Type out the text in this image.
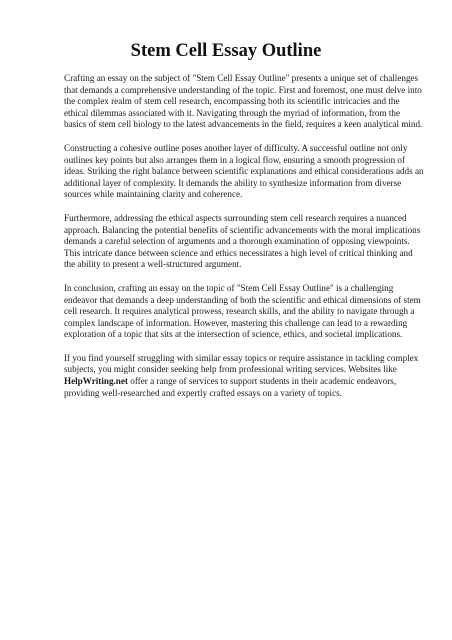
Stem Cell Essay Outline

Crafting an essay on the subject of "Stem Cell Essay Outline" presents a unique set of challenges that demands a comprehensive understanding of the topic. First and foremost, one must delve into the complex realm of stem cell research, encompassing both its scientific intricacies and the ethical dilemmas associated with it. Navigating through the myriad of information, from the basics of stem cell biology to the latest advancements in the field, requires a keen analytical mind.

Constructing a cohesive outline poses another layer of difficulty. A successful outline not only outlines key points but also arranges them in a logical flow, ensuring a smooth progression of ideas. Striking the right balance between scientific explanations and ethical considerations adds an additional layer of complexity. It demands the ability to synthesize information from diverse sources while maintaining clarity and coherence.

Furthermore, addressing the ethical aspects surrounding stem cell research requires a nuanced approach. Balancing the potential benefits of scientific advancements with the moral implications demands a careful selection of arguments and a thorough examination of opposing viewpoints. This intricate dance between science and ethics necessitates a high level of critical thinking and the ability to present a well-structured argument.

In conclusion, crafting an essay on the topic of "Stem Cell Essay Outline" is a challenging endeavor that demands a deep understanding of both the scientific and ethical dimensions of stem cell research. It requires analytical prowess, research skills, and the ability to navigate through a complex landscape of information. However, mastering this challenge can lead to a rewarding exploration of a topic that sits at the intersection of science, ethics, and societal implications.

If you find yourself struggling with similar essay topics or require assistance in tackling complex subjects, you might consider seeking help from professional writing services. Websites like HelpWriting.net offer a range of services to support students in their academic endeavors, providing well-researched and expertly crafted essays on a variety of topics.
